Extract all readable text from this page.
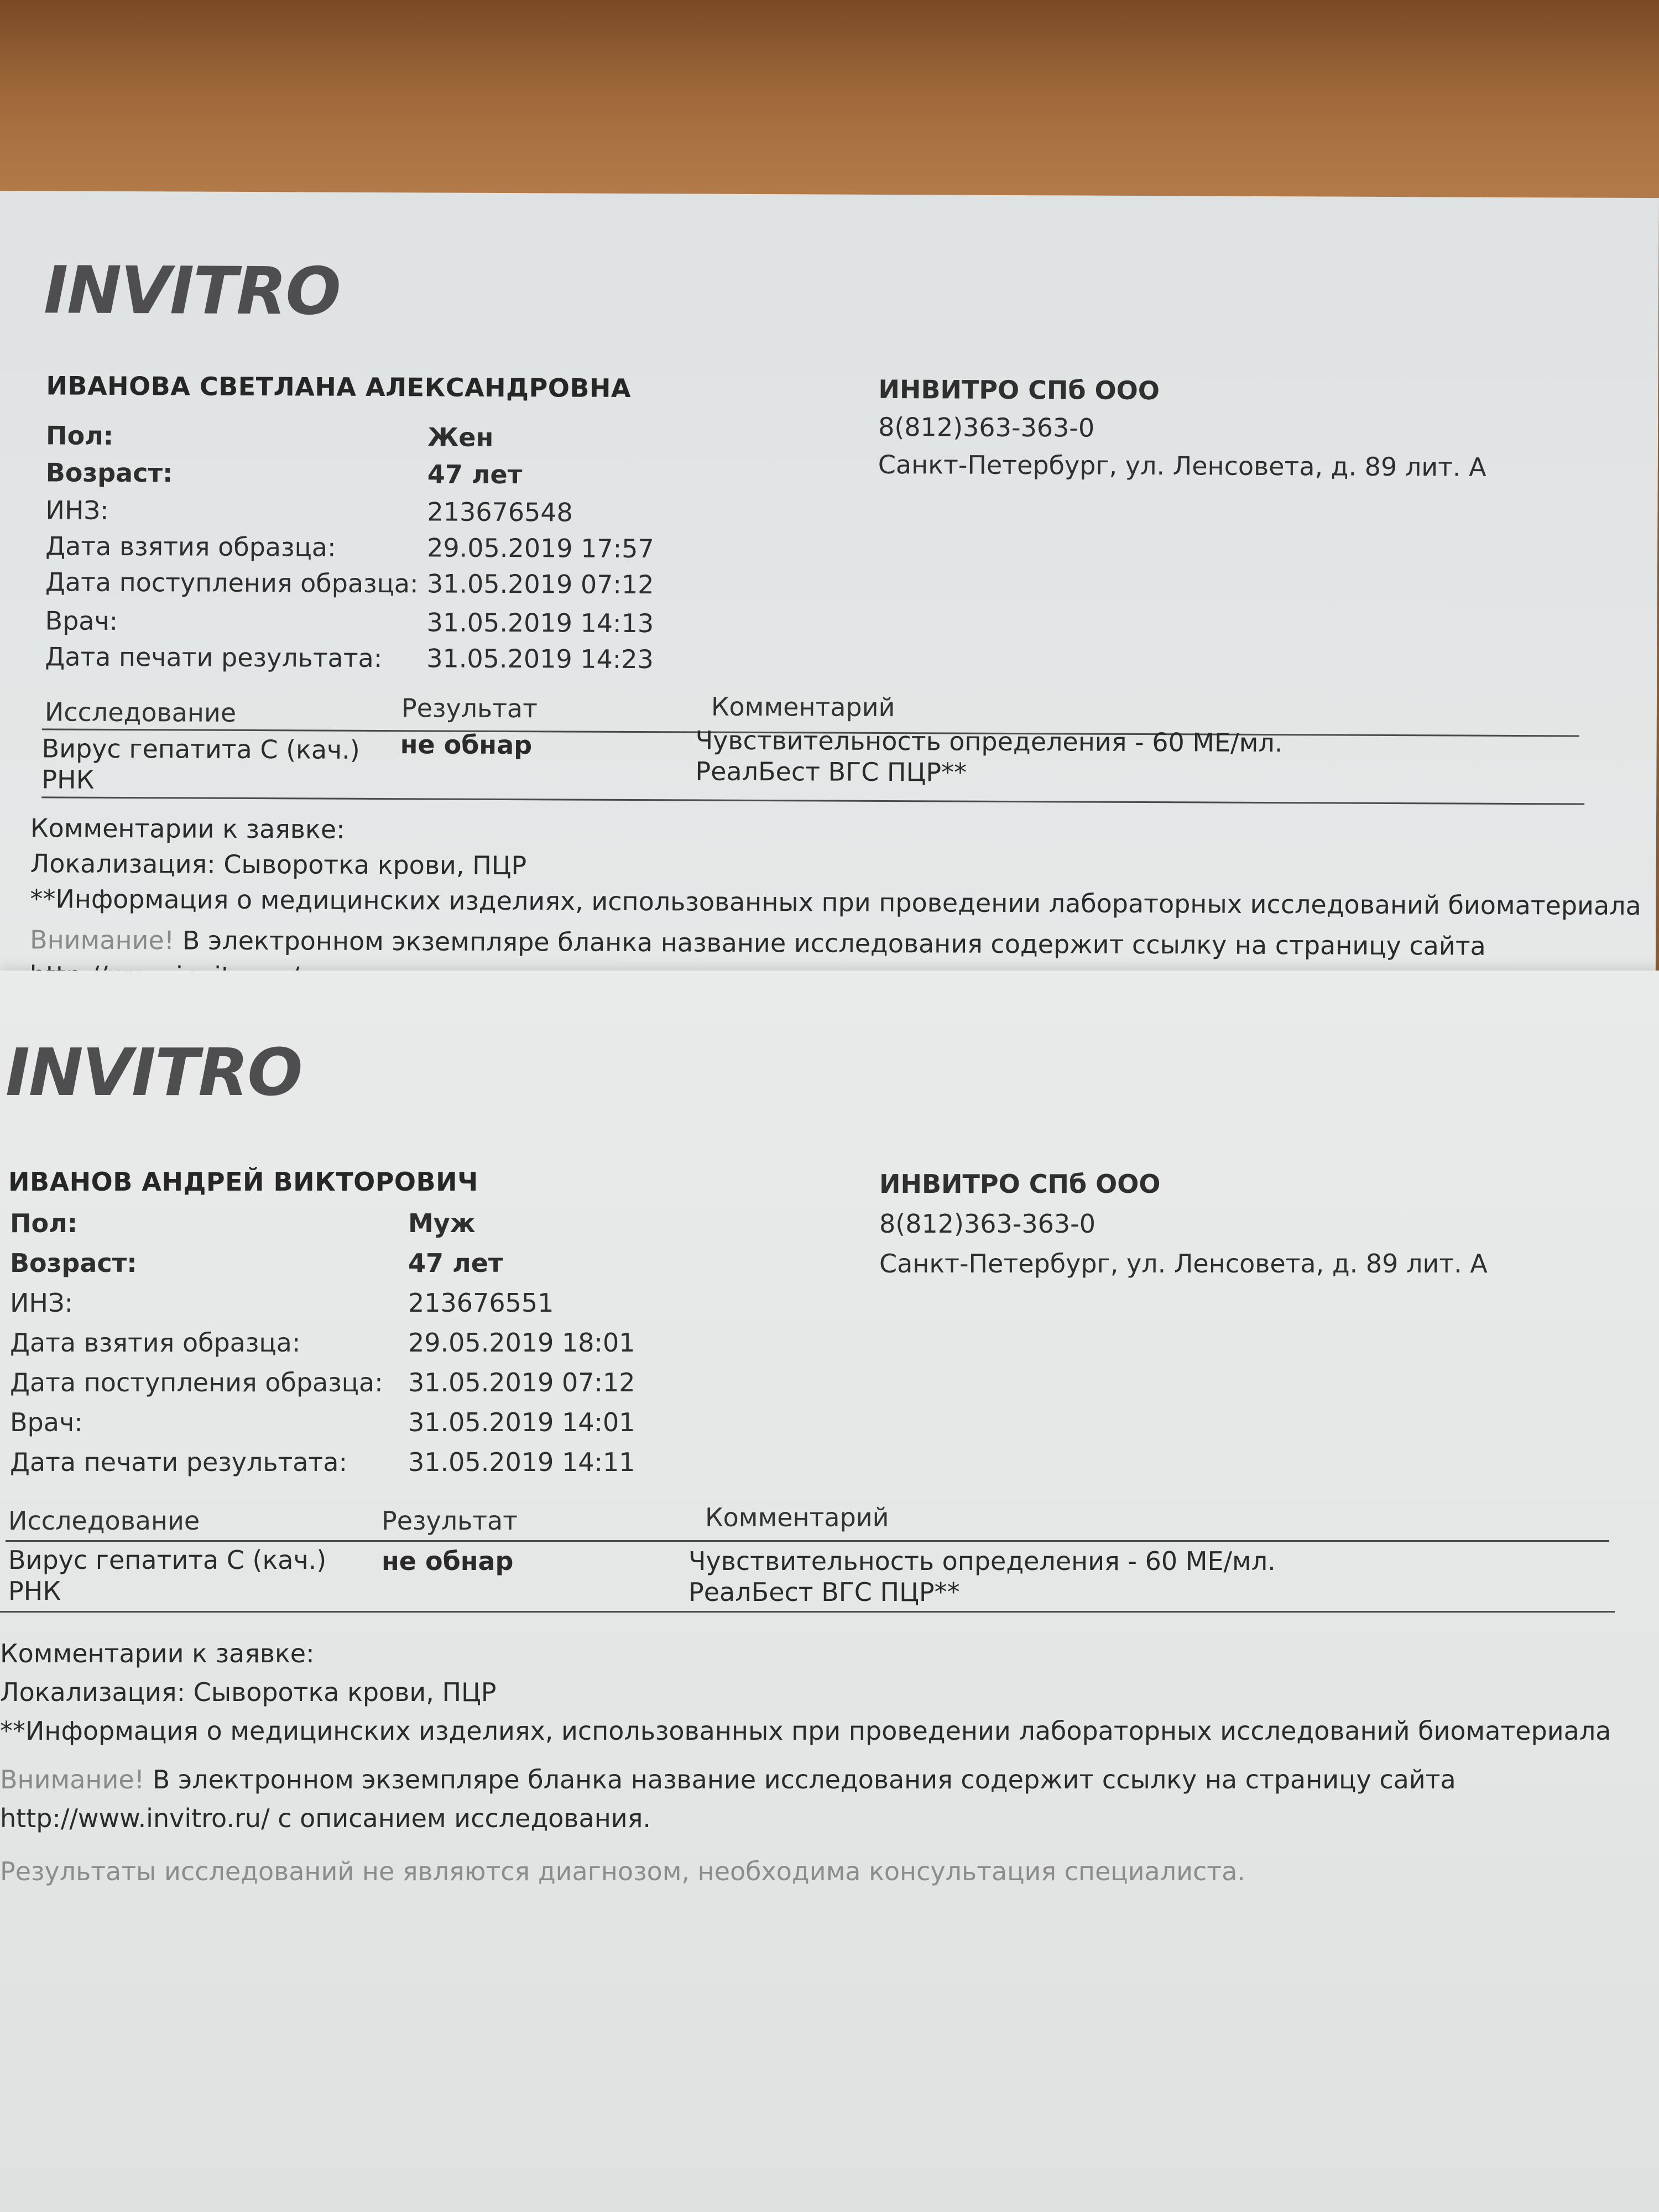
INVITRO
ИВАНОВА СВЕТЛАНА АЛЕКСАНДРОВНА	ИНВИТРО СПб ООО
8(812)363-363-0
Санкт-Петербург, ул. Ленсовета, д. 89 лит. А
Пол:	Жен
Возраст:	47 лет
ИНЗ:	213676548
Дата взятия образца:	29.05.2019 17:57
Дата поступления образца: 31.05.2019 07:12
Врач:	31.05.2019 14:13
Дата печати результата: 31.05.2019 14:23
Исследование	Результат	Комментарий
Вирус гепатита С (кач.)
РНК
не обнар	Чувствительность определения - 60 МЕ/мл.
РеалБест ВГС ПЦР**
Комментарии к заявке:
Локализация: Сыворотка крови, ПЦР
**Информация о медицинских изделиях, использованных при проведении лабораторных исследований биоматериала
Внимание! В электронном экземпляре бланка название исследования содержит ссылку на страницу сайта
INVITRO
ИВАНОВ АНДРЕЙ ВИКТОРОВИЧ	ИНВИТРО СПб ООО
8(812)363-363-0
Санкт-Петербург, ул. Ленсовета, д. 89 лит. А
Пол:	Муж
Возраст:	47 лет
ИНЗ:	213676551
Дата взятия образца:	29.05.2019 18:01
Дата поступления образца: 31.05.2019 07:12
Врач:	31.05.2019 14:01
Дата печати результата: 31.05.2019 14:11
Исследование	Результат	Комментарий
Вирус гепатита С (кач.)
РНК
не обнар	Чувствительность определения - 60 МЕ/мл.
РеалБест ВГС ПЦР**
Комментарии к заявке:
Локализация: Сыворотка крови, ПЦР
**Информация о медицинских изделиях, использованных при проведении лабораторных исследований биоматериала
Внимание! В электронном экземпляре бланка название исследования содержит ссылку на страницу сайта
http://www.invitro.ru/ с описанием исследования.
Результаты исследований не являются диагнозом, необходима консультация специалиста.
